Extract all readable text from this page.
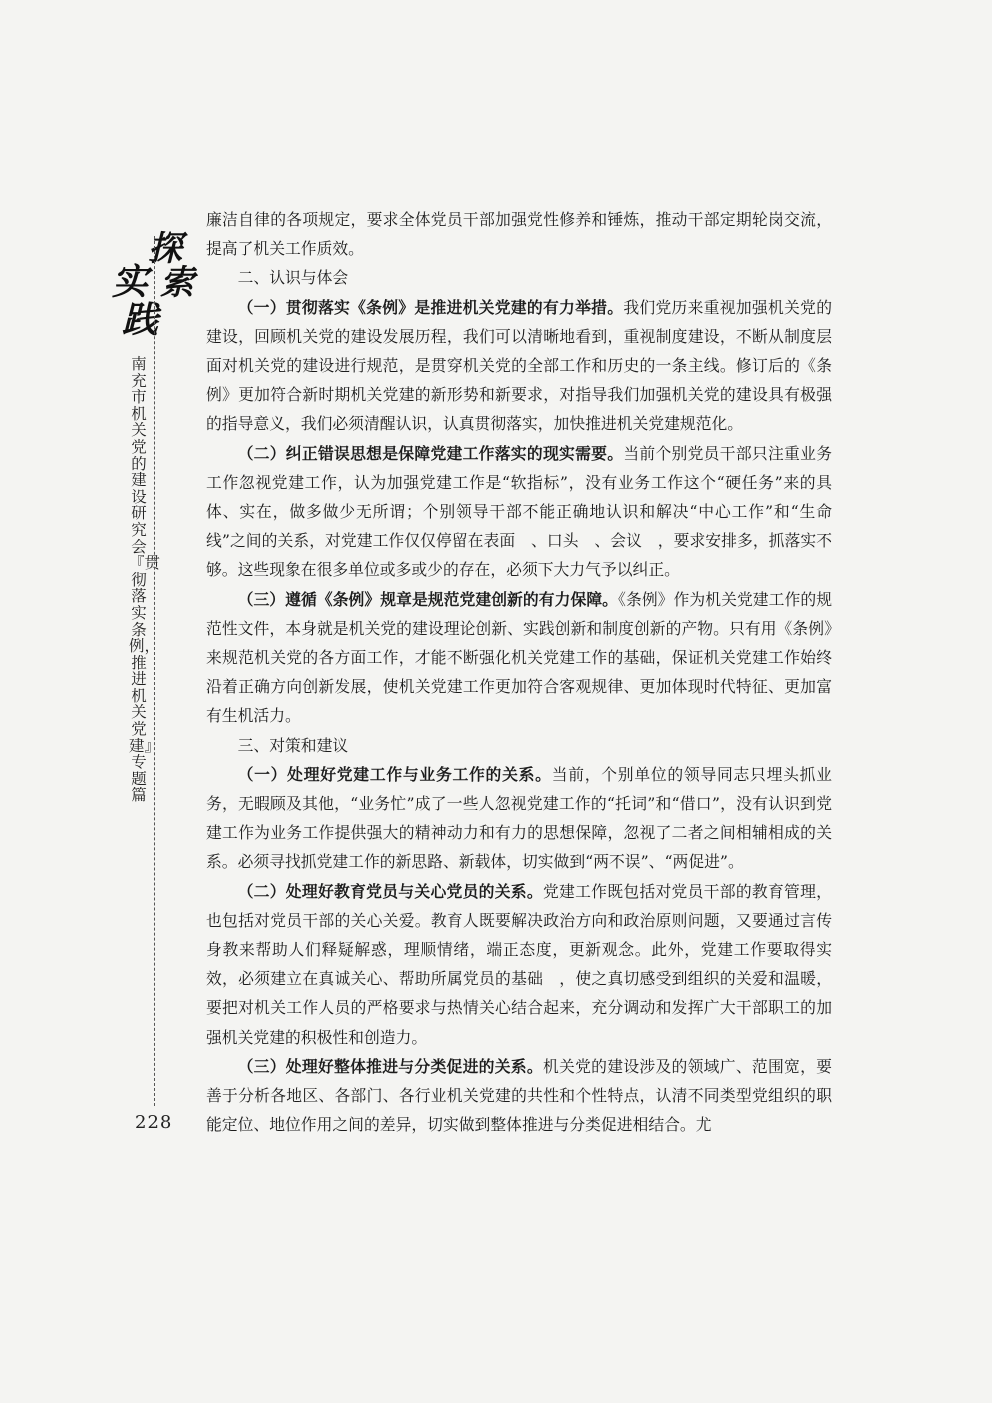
探
索
实
践
南充市机关党的建设研究会『贯彻落实条例，推进机关党建』专题篇
228

廉洁自律的各项规定，要求全体党员干部加强党性修养和锤炼，推动干部定期轮岗交流，提高了机关工作质效。

二、认识与体会

（一）贯彻落实《条例》是推进机关党建的有力举措。我们党历来重视加强机关党的建设，回顾机关党的建设发展历程，我们可以清晰地看到，重视制度建设，不断从制度层面对机关党的建设进行规范，是贯穿机关党的全部工作和历史的一条主线。修订后的《条例》更加符合新时期机关党建的新形势和新要求，对指导我们加强机关党的建设具有极强的指导意义，我们必须清醒认识，认真贯彻落实，加快推进机关党建规范化。

（二）纠正错误思想是保障党建工作落实的现实需要。当前个别党员干部只注重业务工作忽视党建工作，认为加强党建工作是“软指标”，没有业务工作这个“硬任务”来的具体、实在，做多做少无所谓；个别领导干部不能正确地认识和解决“中心工作”和“生命线”之间的关系，对党建工作仅仅停留在表面　、口头　、会议　，要求安排多，抓落实不够。这些现象在很多单位或多或少的存在，必须下大力气予以纠正。

（三）遵循《条例》规章是规范党建创新的有力保障。《条例》作为机关党建工作的规范性文件，本身就是机关党的建设理论创新、实践创新和制度创新的产物。只有用《条例》来规范机关党的各方面工作，才能不断强化机关党建工作的基础，保证机关党建工作始终沿着正确方向创新发展，使机关党建工作更加符合客观规律、更加体现时代特征、更加富有生机活力。

三、对策和建议

（一）处理好党建工作与业务工作的关系。当前，个别单位的领导同志只埋头抓业务，无暇顾及其他，“业务忙”成了一些人忽视党建工作的“托词”和“借口”，没有认识到党建工作为业务工作提供强大的精神动力和有力的思想保障，忽视了二者之间相辅相成的关系。必须寻找抓党建工作的新思路、新载体，切实做到“两不误”、“两促进”。

（二）处理好教育党员与关心党员的关系。党建工作既包括对党员干部的教育管理，也包括对党员干部的关心关爱。教育人既要解决政治方向和政治原则问题，又要通过言传身教来帮助人们释疑解惑，理顺情绪，端正态度，更新观念。此外，党建工作要取得实效，必须建立在真诚关心、帮助所属党员的基础　，使之真切感受到组织的关爱和温暖，要把对机关工作人员的严格要求与热情关心结合起来，充分调动和发挥广大干部职工的加强机关党建的积极性和创造力。

（三）处理好整体推进与分类促进的关系。机关党的建设涉及的领域广、范围宽，要善于分析各地区、各部门、各行业机关党建的共性和个性特点，认清不同类型党组织的职能定位、地位作用之间的差异，切实做到整体推进与分类促进相结合。尤
